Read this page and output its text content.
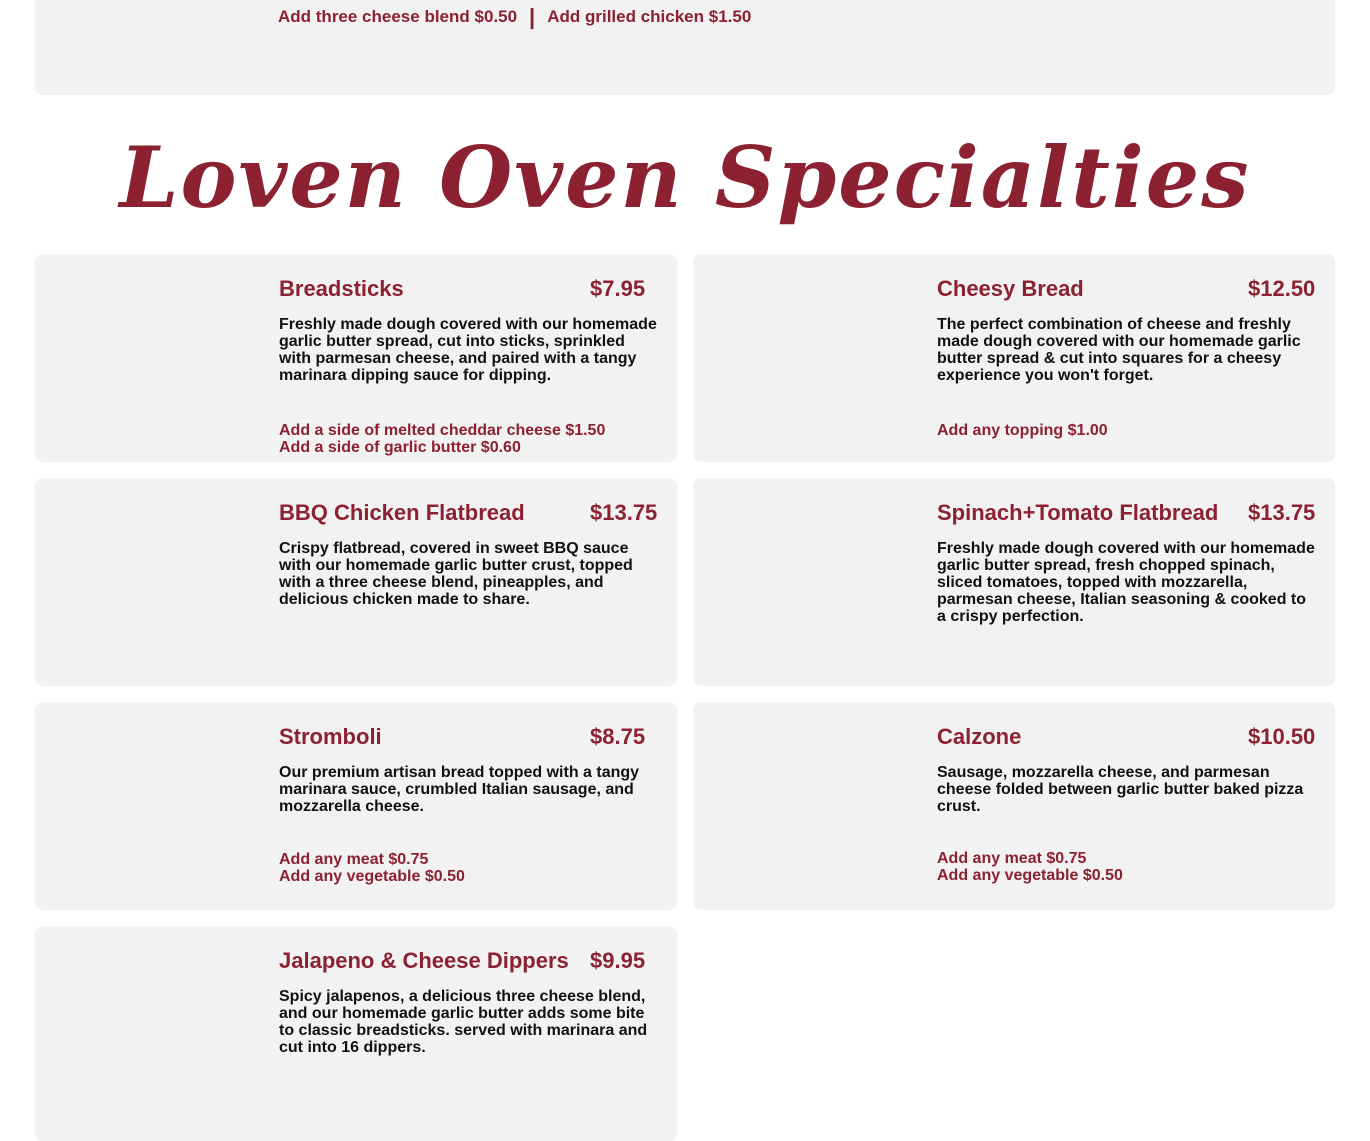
Add three cheese blend $0.50 | Add grilled chicken $1.50
Loven Oven Specialties
Breadsticks	$7.95
Freshly made dough covered with our homemade garlic butter spread, cut into sticks, sprinkled with parmesan cheese, and paired with a tangy marinara dipping sauce for dipping.
Add a side of melted cheddar cheese $1.50
Add a side of garlic butter $0.60
Cheesy Bread	$12.50
The perfect combination of cheese and freshly made dough covered with our homemade garlic butter spread & cut into squares for a cheesy experience you won't forget.
Add any topping $1.00
BBQ Chicken Flatbread	$13.75
Crispy flatbread, covered in sweet BBQ sauce with our homemade garlic butter crust, topped with a three cheese blend, pineapples, and delicious chicken made to share.
Spinach+Tomato Flatbread $13.75
Freshly made dough covered with our homemade garlic butter spread, fresh chopped spinach, sliced tomatoes, topped with mozzarella, parmesan cheese, Italian seasoning & cooked to a crispy perfection.
Stromboli	$8.75
Our premium artisan bread topped with a tangy marinara sauce, crumbled Italian sausage, and mozzarella cheese.
Add any meat $0.75
Add any vegetable $0.50
Calzone	$10.50
Sausage, mozzarella cheese, and parmesan cheese folded between garlic butter baked pizza crust.
Add any meat $0.75
Add any vegetable $0.50
Jalapeno & Cheese Dippers $9.95
Spicy jalapenos, a delicious three cheese blend, and our homemade garlic butter adds some bite to classic breadsticks. served with marinara and cut into 16 dippers.
